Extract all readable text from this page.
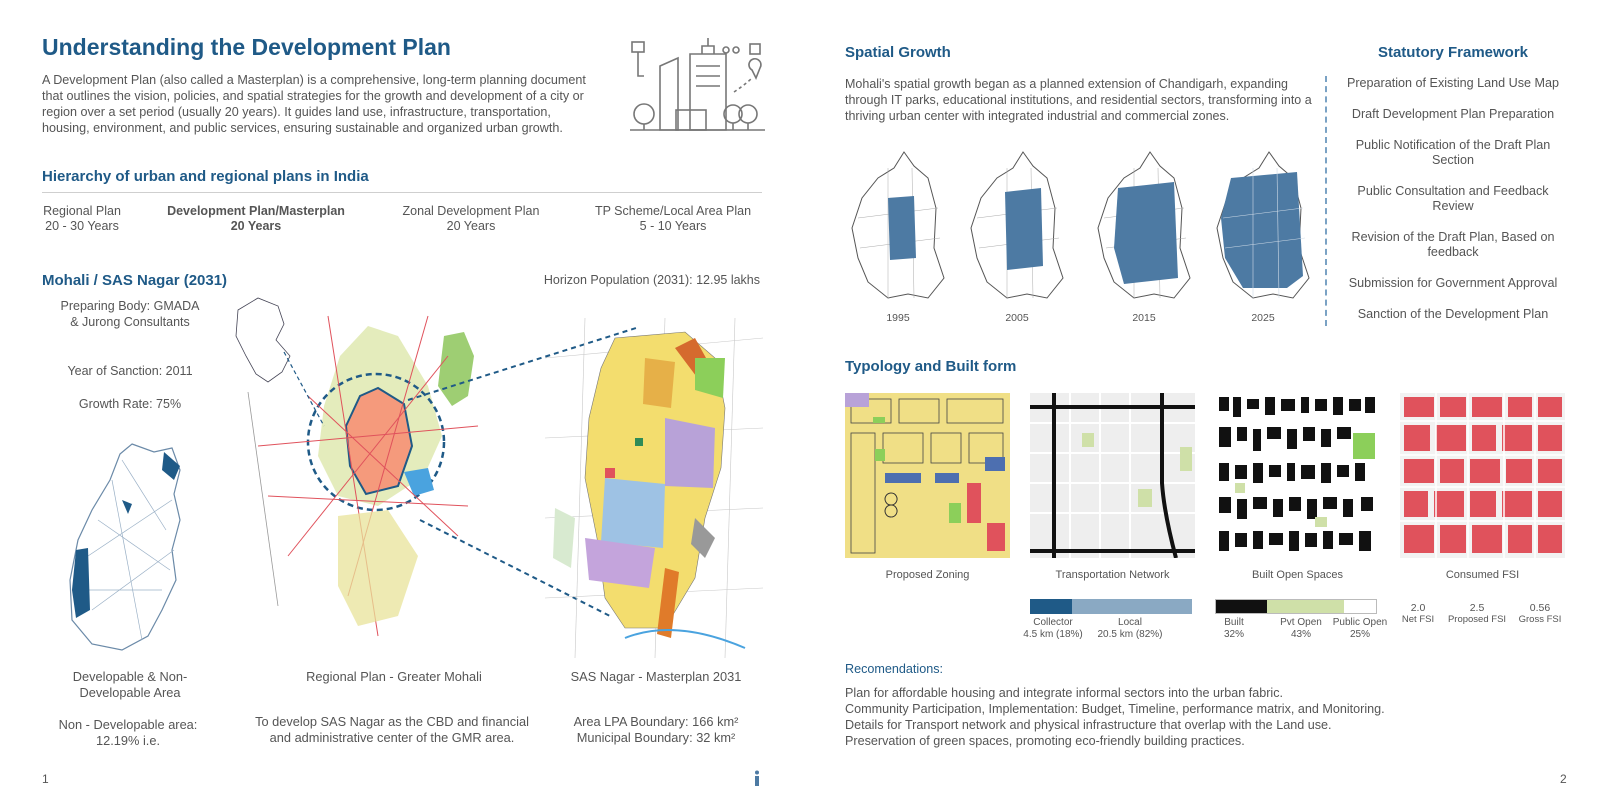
Understanding the Development Plan
A Development Plan (also called a Masterplan) is a comprehensive, long-term planning document that outlines the vision, policies, and spatial strategies for the growth and development of a city or region over a set period (usually 20 years). It guides land use, infrastructure, transportation, housing, environment, and public services, ensuring sustainable and organized urban growth.
Hierarchy of urban and regional plans in India
Regional Plan
20 - 30 Years
Development Plan/Masterplan
20 Years
Zonal Development Plan
20 Years
TP Scheme/Local Area Plan
5 - 10 Years
Mohali / SAS Nagar (2031)	Horizon Population (2031): 12.95 lakhs
Preparing Body: GMADA & Jurong Consultants
Year of Sanction: 2011
Growth Rate: 75%
Developable & Non-Developable Area
Regional Plan - Greater Mohali	SAS Nagar - Masterplan 2031
Non - Developable area: 12.19% i.e.
To develop SAS Nagar as the CBD and financial and administrative center of the GMR area.
Area LPA Boundary: 166 km²
Municipal Boundary: 32 km²
1
Spatial Growth
Mohali's spatial growth began as a planned extension of Chandigarh, expanding through IT parks, educational institutions, and residential sectors, transforming into a thriving urban center with integrated industrial and commercial zones.
1995	2005	2015	2025
Statutory Framework
Preparation of Existing Land Use Map
Draft Development Plan Preparation
Public Notification of the Draft Plan Section
Public Consultation and Feedback Review
Revision of the Draft Plan, Based on feedback
Submission for Government Approval
Sanction of the Development Plan
Typology and Built form
Proposed Zoning	Transportation Network	Built Open Spaces	Consumed FSI
Collector
4.5 km (18%)
Local
20.5 km (82%)
Built
32%
Pvt Open
43%
Public Open
25%
2.0
Net FSI
2.5
Proposed FSI
0.56
Gross FSI
Recomendations:
Plan for affordable housing and integrate informal sectors into the urban fabric.
Community Participation, Implementation: Budget, Timeline, performance matrix, and Monitoring.
Details for Transport network and physical infrastructure that overlap with the Land use.
Preservation of green spaces, promoting eco-friendly building practices.
2
